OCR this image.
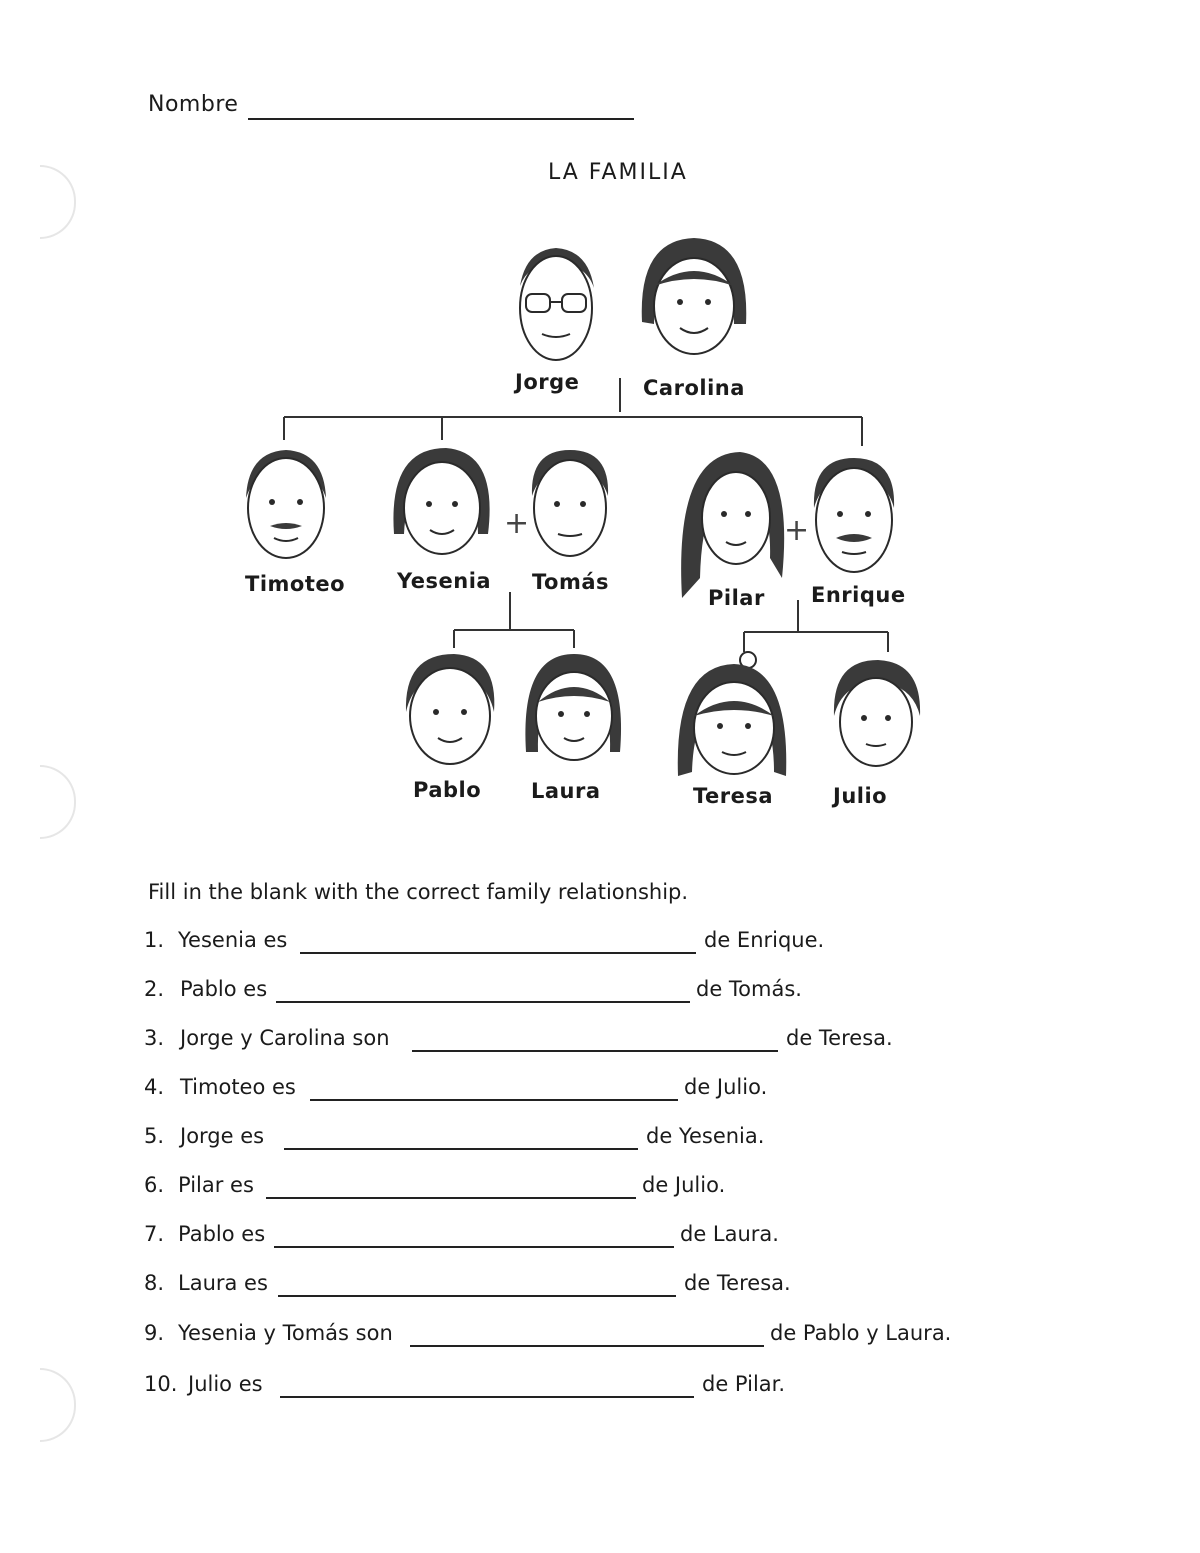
Nombre
LA FAMILIA
+	+
Jorge	Carolina
Timoteo Yesenia Tomás
Pilar Enrique
Pablo Laura	Teresa	Julio
Fill in the blank with the correct family relationship.
1. Yesenia es	de Enrique.
2. Pablo es	de Tomás.
3. Jorge y Carolina son	de Teresa.
4. Timoteo es	de Julio.
5. Jorge es	de Yesenia.
6. Pilar es	de Julio.
7. Pablo es	de Laura.
8. Laura es	de Teresa.
9. Yesenia y Tomás son	de Pablo y Laura.
10. Julio es	de Pilar.
